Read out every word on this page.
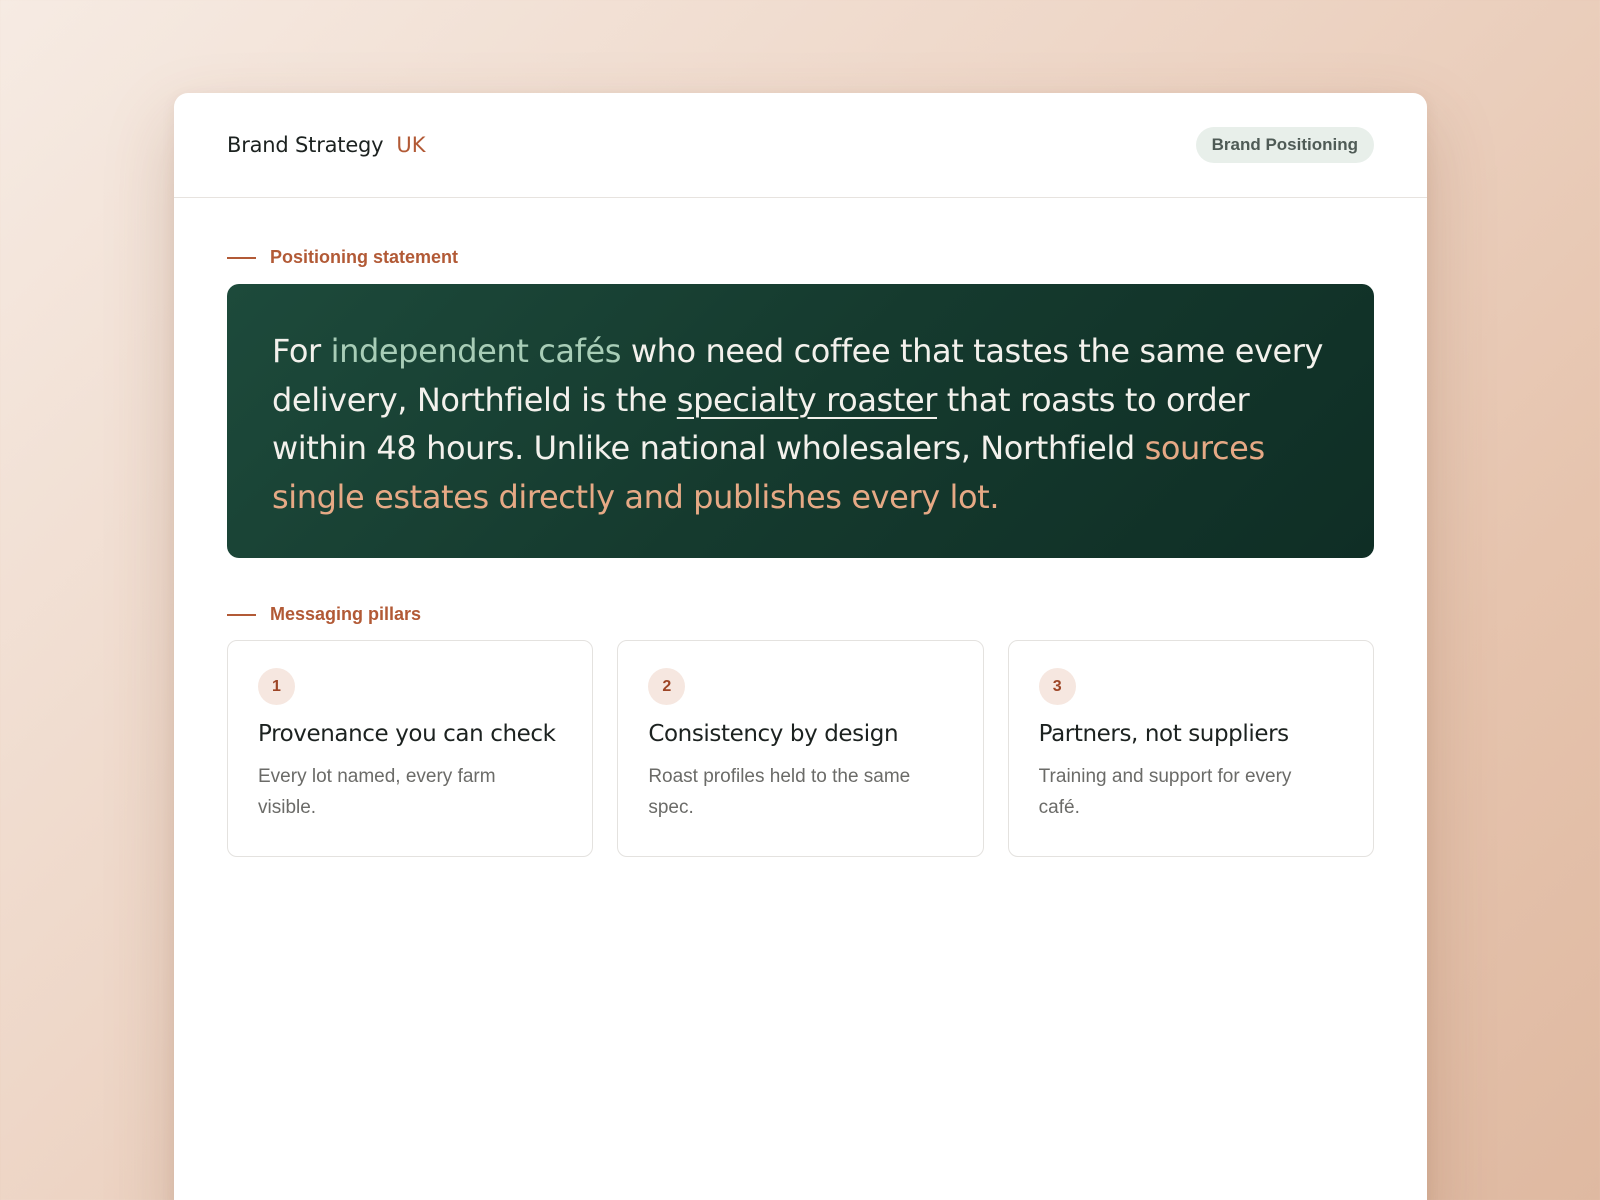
Brand Strategy UK	Brand Positioning
Positioning statement
For independent cafés who need coffee that tastes the same every delivery, Northfield is the specialty roaster that roasts to order within 48 hours. Unlike national wholesalers, Northfield sources single estates directly and publishes every lot.
Messaging pillars
1
Provenance you can check
Every lot named, every farm visible.
2
Consistency by design
Roast profiles held to the same spec.
3
Partners, not suppliers
Training and support for every café.
